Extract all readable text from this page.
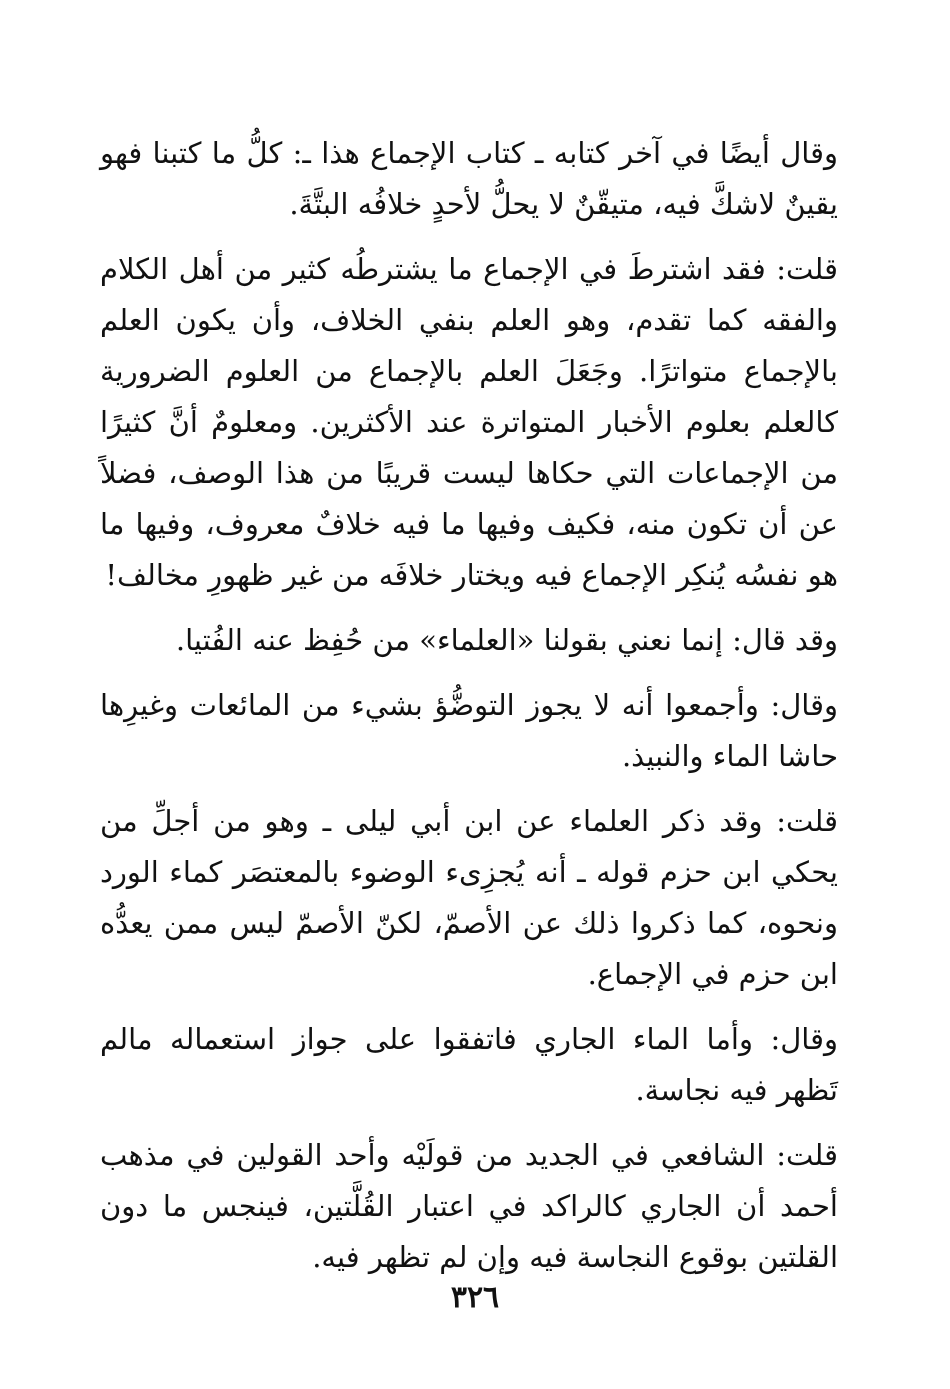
وقال أيضًا في آخر كتابه ـ كتاب الإجماع هذا ـ: كلُّ ما كتبنا فهو يقينٌ لاشكَّ فيه، متيقّنٌ لا يحلُّ لأحدٍ خلافُه البتَّةَ.

قلت: فقد اشترطَ في الإجماع ما يشترطُه كثير من أهل الكلام والفقه كما تقدم، وهو العلم بنفي الخلاف، وأن يكون العلم بالإجماع متواترًا. وجَعَلَ العلم بالإجماع من العلوم الضرورية كالعلم بعلوم الأخبار المتواترة عند الأكثرين. ومعلومٌ أنَّ كثيرًا من الإجماعات التي حكاها ليست قريبًا من هذا الوصف، فضلاً عن أن تكون منه، فكيف وفيها ما فيه خلافٌ معروف، وفيها ما هو نفسُه يُنكِر الإجماع فيه ويختار خلافَه من غير ظهورِ مخالف!

وقد قال: إنما نعني بقولنا «العلماء» من حُفِظ عنه الفُتيا.

وقال: وأجمعوا أنه لا يجوز التوضُّؤ بشيء من المائعات وغيرِها حاشا الماء والنبيذ.

قلت: وقد ذكر العلماء عن ابن أبي ليلى ـ وهو من أجلِّ من يحكي ابن حزم قوله ـ أنه يُجزِىء الوضوء بالمعتصَر كماء الورد ونحوه، كما ذكروا ذلك عن الأصمّ، لكنّ الأصمّ ليس ممن يعدُّه ابن حزم في الإجماع.

وقال: وأما الماء الجاري فاتفقوا على جواز استعماله مالم تَظهر فيه نجاسة.

قلت: الشافعي في الجديد من قولَيْه وأحد القولين في مذهب أحمد أن الجاري كالراكد في اعتبار القُلَّتين، فينجس ما دون القلتين بوقوع النجاسة فيه وإن لم تظهر فيه.

٣٢٦
